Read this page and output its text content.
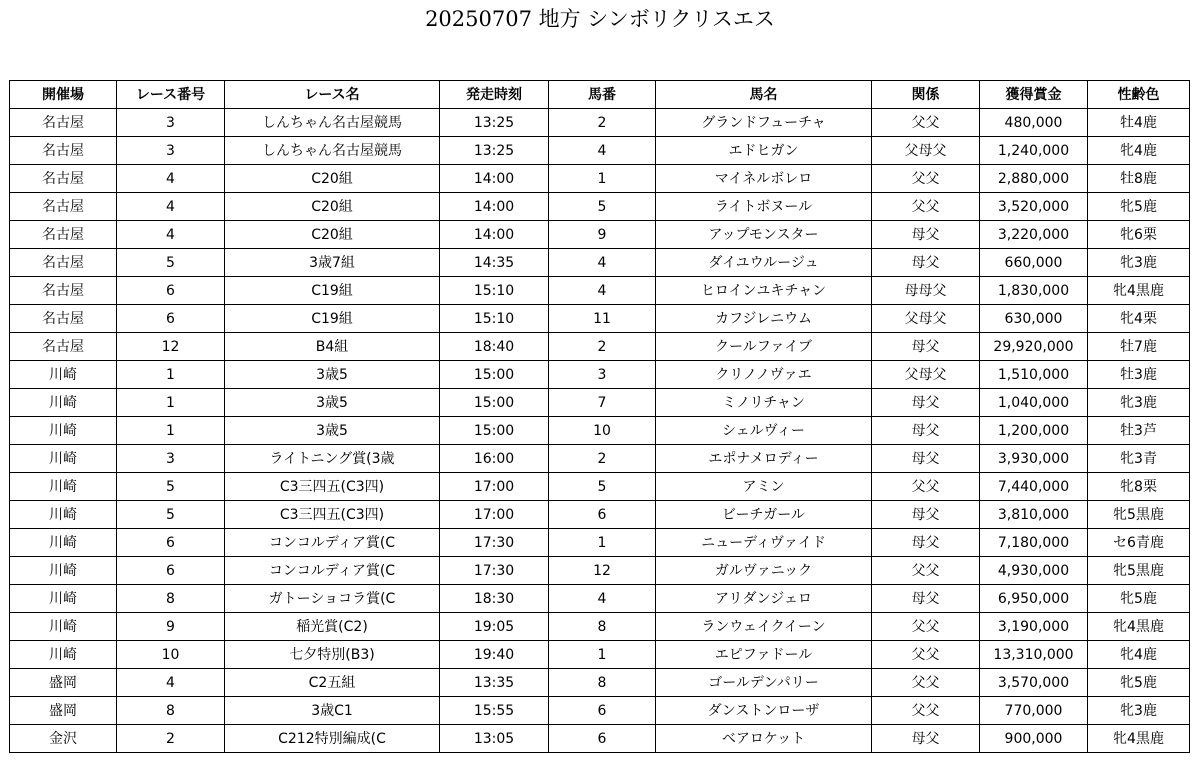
20250707 地方 シンボリクリスエス
開催場	レース番号	レース名	発走時刻	馬番	馬名	関係	獲得賞金	性齢色
名古屋	3	しんちゃん名古屋競馬	13:25	2	グランドフューチャ	父父	480,000	牡4鹿
名古屋	3	しんちゃん名古屋競馬	13:25	4	エドヒガン	父母父	1,240,000	牝4鹿
名古屋	4	C20組	14:00	1	マイネルボレロ	父父	2,880,000	牡8鹿
名古屋	4	C20組	14:00	5	ライトボヌール	父父	3,520,000	牝5鹿
名古屋	4	C20組	14:00	9	アップモンスター	母父	3,220,000	牝6栗
名古屋	5	3歳7組	14:35	4	ダイユウルージュ	母父	660,000	牝3鹿
名古屋	6	C19組	15:10	4	ヒロインユキチャン	母母父	1,830,000	牝4黒鹿
名古屋	6	C19組	15:10	11	カフジレニウム	父母父	630,000	牝4栗
名古屋	12	B4組	18:40	2	クールファイブ	母父	29,920,000	牡7鹿
川崎	1	3歳5	15:00	3	クリノノヴァエ	父母父	1,510,000	牡3鹿
川崎	1	3歳5	15:00	7	ミノリチャン	母父	1,040,000	牝3鹿
川崎	1	3歳5	15:00	10	シェルヴィー	母父	1,200,000	牡3芦
川崎	3	ライトニング賞(3歳	16:00	2	エポナメロディー	母父	3,930,000	牝3青
川崎	5	C3三四五(C3四)	17:00	5	アミン	父父	7,440,000	牝8栗
川崎	5	C3三四五(C3四)	17:00	6	ビーチガール	母父	3,810,000	牝5黒鹿
川崎	6	コンコルディア賞(C	17:30	1	ニューディヴァイド	母父	7,180,000	セ6青鹿
川崎	6	コンコルディア賞(C	17:30	12	ガルヴァニック	父父	4,930,000	牝5黒鹿
川崎	8	ガトーショコラ賞(C	18:30	4	アリダンジェロ	母父	6,950,000	牝5鹿
川崎	9	稲光賞(C2)	19:05	8	ランウェイクイーン	父父	3,190,000	牝4黒鹿
川崎	10	七夕特別(B3)	19:40	1	エピファドール	父父	13,310,000	牝4鹿
盛岡	4	C2五組	13:35	8	ゴールデンパリー	父父	3,570,000	牝5鹿
盛岡	8	3歳C1	15:55	6	ダンストンローザ	父父	770,000	牝3鹿
金沢	2	C212特別編成(C	13:05	6	ベアロケット	母父	900,000	牝4黒鹿
